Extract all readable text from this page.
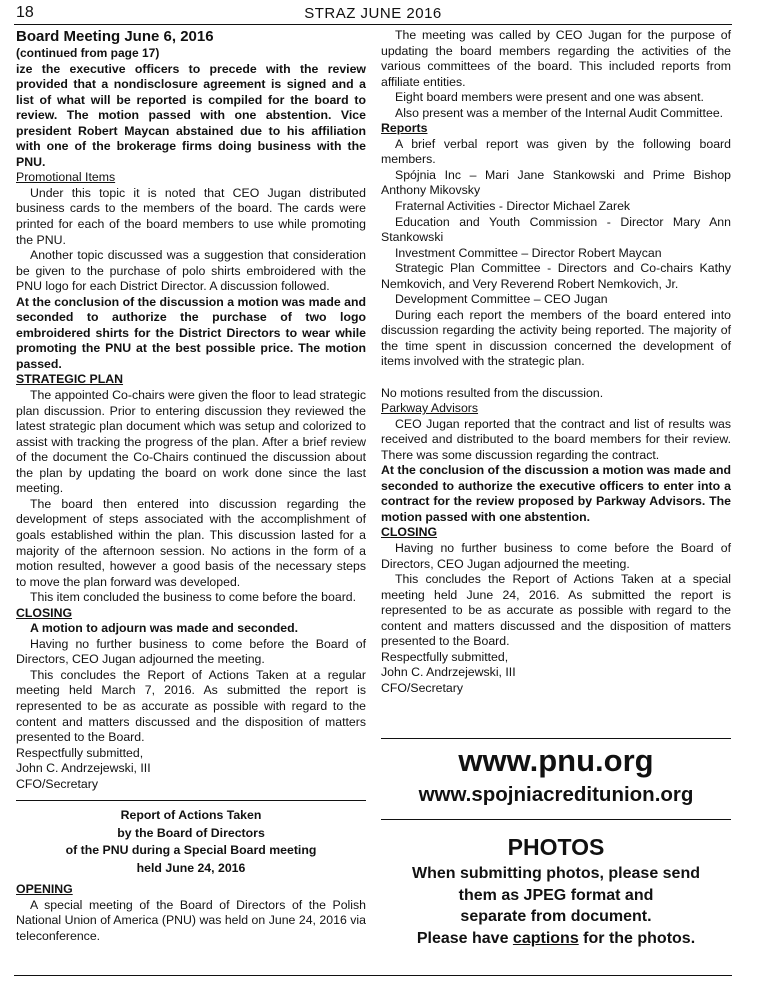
18	STRAZ JUNE 2016

Board Meeting June 6, 2016

(continued from page 17)

ize the executive officers to precede with the review provided that a nondisclosure agreement is signed and a list of what will be reported is compiled for the board to review. The motion passed with one abstention. Vice president Robert Maycan abstained due to his affiliation with one of the brokerage firms doing business with the PNU.

Promotional Items

Under this topic it is noted that CEO Jugan distributed business cards to the members of the board. The cards were printed for each of the board members to use while promoting the PNU.

Another topic discussed was a suggestion that consideration be given to the purchase of polo shirts embroidered with the PNU logo for each District Director. A discussion followed.

At the conclusion of the discussion a motion was made and seconded to authorize the purchase of two logo embroidered shirts for the District Directors to wear while promoting the PNU at the best possible price. The motion passed.

STRATEGIC PLAN

The appointed Co-chairs were given the floor to lead strategic plan discussion. Prior to entering discussion they reviewed the latest strategic plan document which was setup and colorized to assist with tracking the progress of the plan. After a brief review of the document the Co-Chairs continued the discussion about the plan by updating the board on work done since the last meeting.

The board then entered into discussion regarding the development of steps associated with the accomplishment of goals established within the plan. This discussion lasted for a majority of the afternoon session. No actions in the form of a motion resulted, however a good basis of the necessary steps to move the plan forward was developed.

This item concluded the business to come before the board.

CLOSING

A motion to adjourn was made and seconded.

Having no further business to come before the Board of Directors, CEO Jugan adjourned the meeting.

This concludes the Report of Actions Taken at a regular meeting held March 7, 2016. As submitted the report is represented to be as accurate as possible with regard to the content and matters discussed and the disposition of matters presented to the Board.

Respectfully submitted,

John C. Andrzejewski, III

CFO/Secretary

Report of Actions Taken
by the Board of Directors
of the PNU during a Special Board meeting
held June 24, 2016

OPENING

A special meeting of the Board of Directors of the Polish National Union of America (PNU) was held on June 24, 2016 via teleconference.

The meeting was called by CEO Jugan for the purpose of updating the board members regarding the activities of the various committees of the board. This included reports from affiliate entities.

Eight board members were present and one was absent.

Also present was a member of the Internal Audit Committee.

Reports

A brief verbal report was given by the following board members.

Spójnia Inc – Mari Jane Stankowski and Prime Bishop Anthony Mikovsky

Fraternal Activities - Director Michael Zarek

Education and Youth Commission - Director Mary Ann Stankowski

Investment Committee – Director Robert Maycan

Strategic Plan Committee - Directors and Co-chairs Kathy Nemkovich, and Very Reverend Robert Nemkovich, Jr.

Development Committee – CEO Jugan

During each report the members of the board entered into discussion regarding the activity being reported. The majority of the time spent in discussion concerned the development of items involved with the strategic plan.

No motions resulted from the discussion.

Parkway Advisors

CEO Jugan reported that the contract and list of results was received and distributed to the board members for their review. There was some discussion regarding the contract.

At the conclusion of the discussion a motion was made and seconded to authorize the executive officers to enter into a contract for the review proposed by Parkway Advisors. The motion passed with one abstention.

CLOSING

Having no further business to come before the Board of Directors, CEO Jugan adjourned the meeting.

This concludes the Report of Actions Taken at a special meeting held June 24, 2016. As submitted the report is represented to be as accurate as possible with regard to the content and matters discussed and the disposition of matters presented to the Board.

Respectfully submitted,

John C. Andrzejewski, III

CFO/Secretary

www.pnu.org
www.spojniacreditunion.org
PHOTOS
When submitting photos, please send
them as JPEG format and
separate from document.
Please have captions for the photos.
